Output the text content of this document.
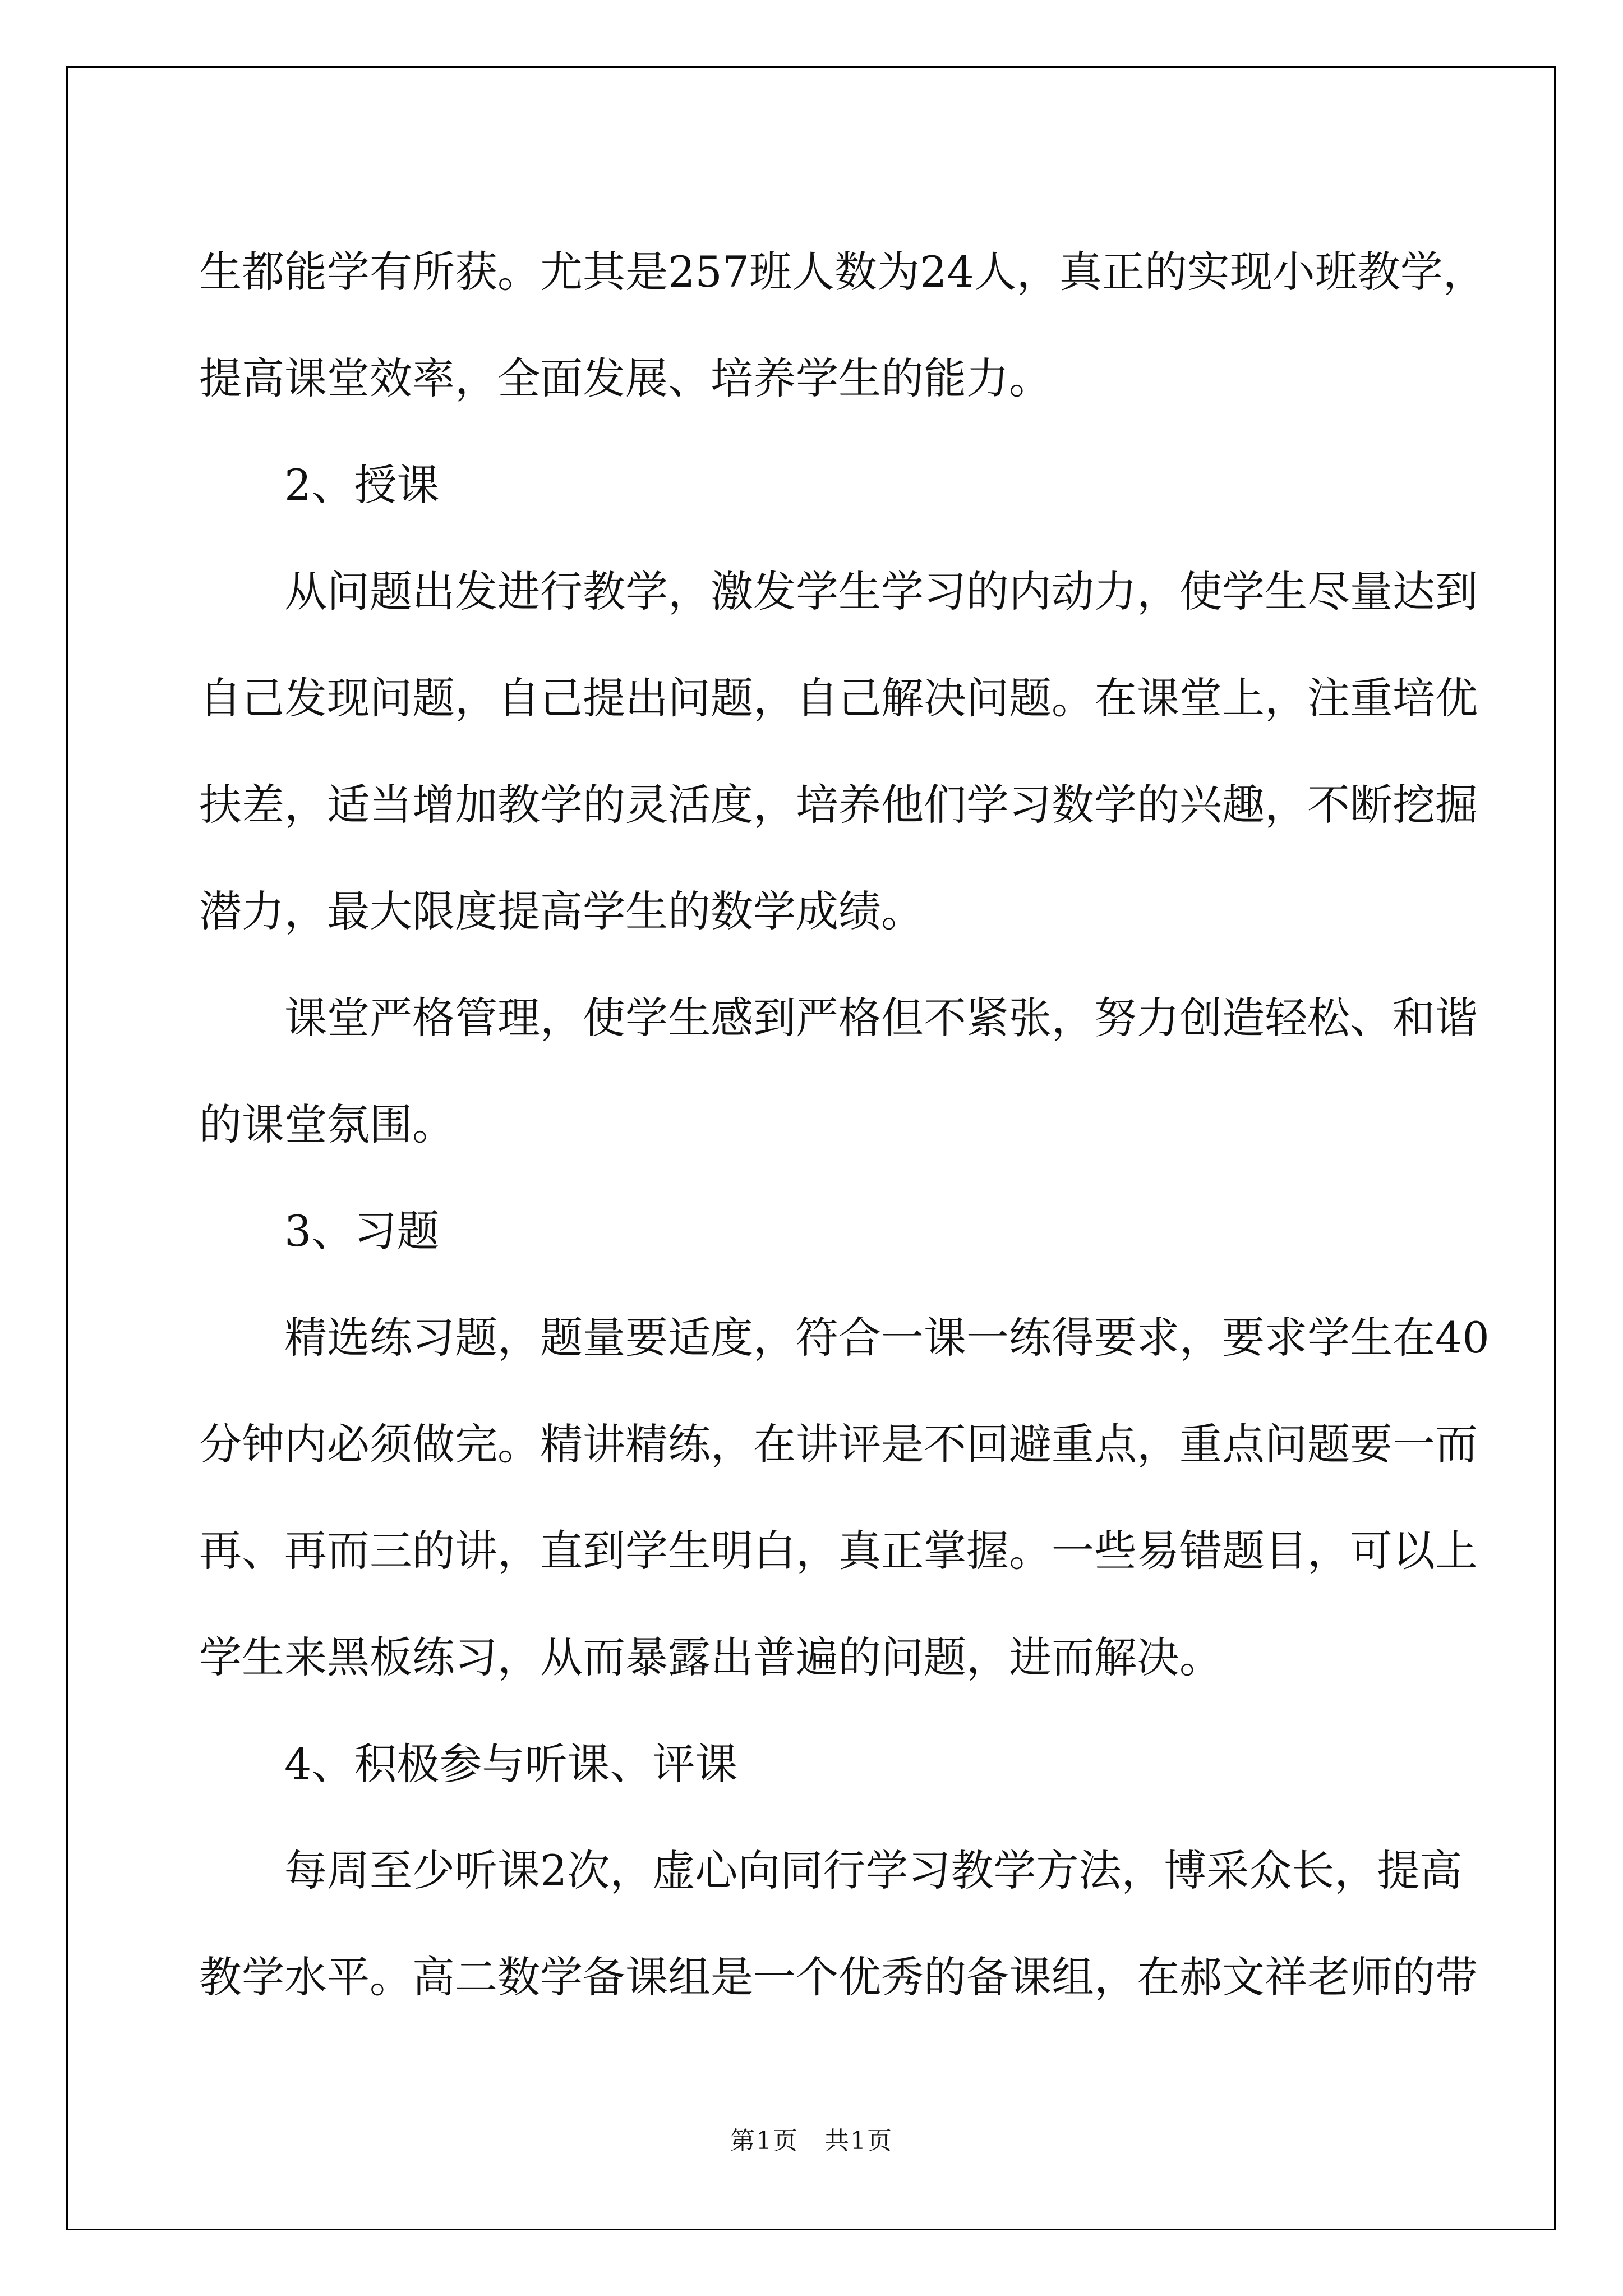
生都能学有所获。尤其是257班人数为24人，真正的实现小班教学，
提高课堂效率，全面发展、培养学生的能力。
2、授课
从问题出发进行教学，激发学生学习的内动力，使学生尽量达到
自己发现问题，自己提出问题，自己解决问题。在课堂上，注重培优
扶差，适当增加教学的灵活度，培养他们学习数学的兴趣，不断挖掘
潜力，最大限度提高学生的数学成绩。
课堂严格管理，使学生感到严格但不紧张，努力创造轻松、和谐
的课堂氛围。
3、习题
精选练习题，题量要适度，符合一课一练得要求，要求学生在40
分钟内必须做完。精讲精练，在讲评是不回避重点，重点问题要一而
再、再而三的讲，直到学生明白，真正掌握。一些易错题目，可以上
学生来黑板练习，从而暴露出普遍的问题，进而解决。
4、积极参与听课、评课
每周至少听课2次，虚心向同行学习教学方法，博采众长，提高
教学水平。高二数学备课组是一个优秀的备课组，在郝文祥老师的带
第1页　共1页
